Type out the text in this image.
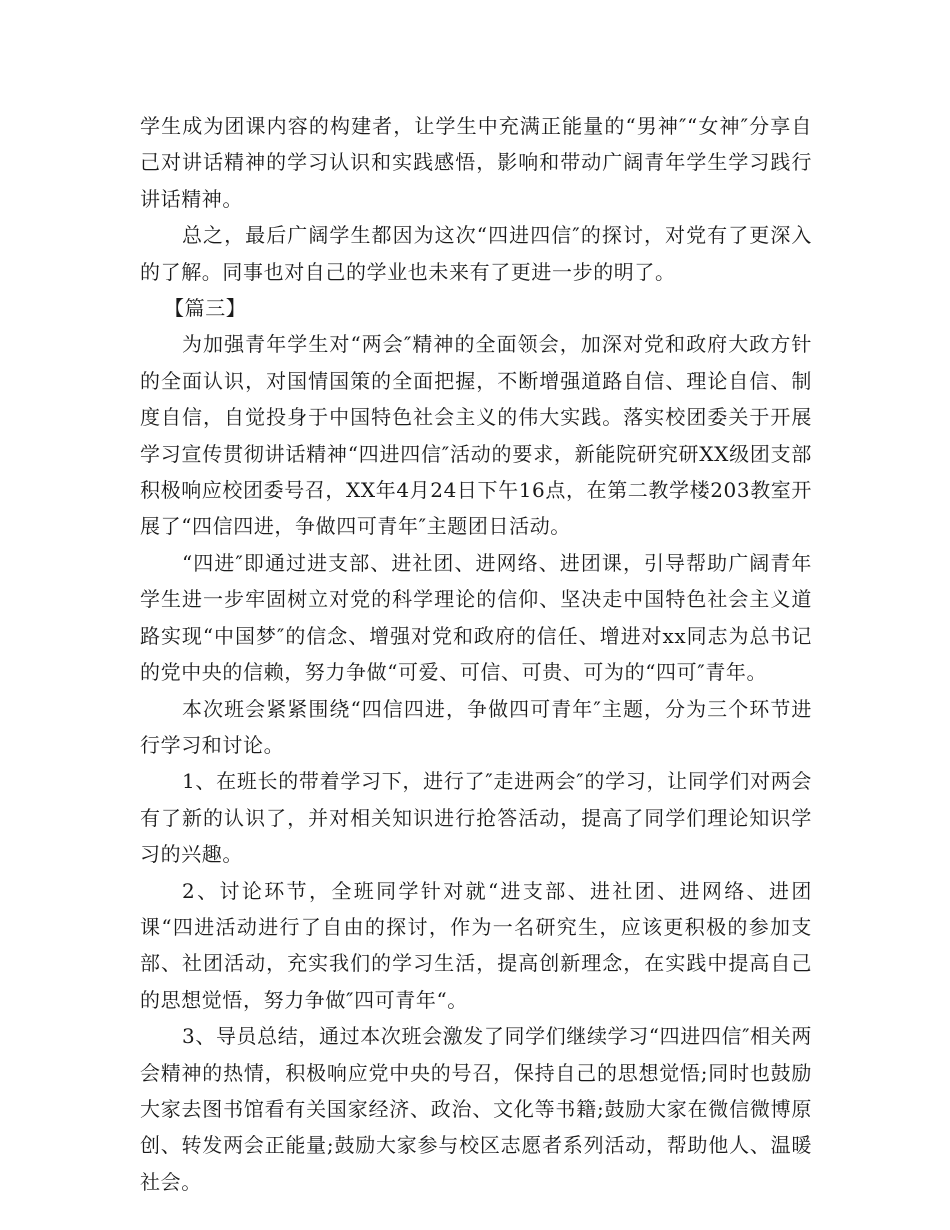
学生成为团课内容的构建者，让学生中充满正能量的“男神″“女神″分享自己对讲话精神的学习认识和实践感悟，影响和带动广阔青年学生学习践行讲话精神。

总之，最后广阔学生都因为这次“四进四信″的探讨，对党有了更深入的了解。同事也对自己的学业也未来有了更进一步的明了。

【篇三】

为加强青年学生对“两会″精神的全面领会，加深对党和政府大政方针的全面认识，对国情国策的全面把握，不断增强道路自信、理论自信、制度自信，自觉投身于中国特色社会主义的伟大实践。落实校团委关于开展学习宣传贯彻讲话精神“四进四信″活动的要求，新能院研究研XX级团支部积极响应校团委号召，XX年4月24日下午16点，在第二教学楼203教室开展了“四信四进，争做四可青年″主题团日活动。

“四进″即通过进支部、进社团、进网络、进团课，引导帮助广阔青年学生进一步牢固树立对党的科学理论的信仰、坚决走中国特色社会主义道路实现“中国梦″的信念、增强对党和政府的信任、增进对xx同志为总书记的党中央的信赖，努力争做“可爱、可信、可贵、可为的“四可″青年。

本次班会紧紧围绕“四信四进，争做四可青年″主题，分为三个环节进行学习和讨论。

1、在班长的带着学习下，进行了″走进两会″的学习，让同学们对两会有了新的认识了，并对相关知识进行抢答活动，提高了同学们理论知识学习的兴趣。

2、讨论环节，全班同学针对就“进支部、进社团、进网络、进团课“四进活动进行了自由的探讨，作为一名研究生，应该更积极的参加支部、社团活动，充实我们的学习生活，提高创新理念，在实践中提高自己的思想觉悟，努力争做″四可青年“。

3、导员总结，通过本次班会激发了同学们继续学习“四进四信″相关两会精神的热情，积极响应党中央的号召，保持自己的思想觉悟;同时也鼓励大家去图书馆看有关国家经济、政治、文化等书籍;鼓励大家在微信微博原创、转发两会正能量;鼓励大家参与校区志愿者系列活动，帮助他人、温暖社会。
